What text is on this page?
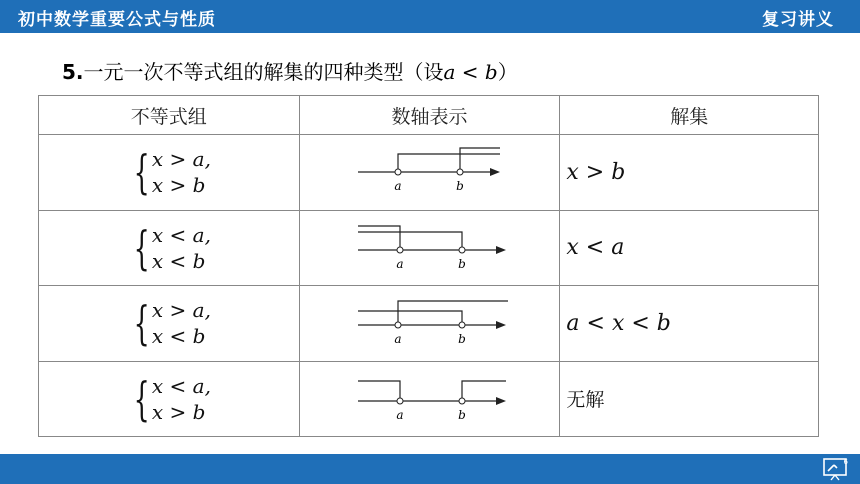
初中数学重要公式与性质	复习讲义
5.一元一次不等式组的解集的四种类型（设a < b）
不等式组	数轴表示	解集

{ x > a,
x > b	a b	x > b

{ x < a,
x < b	a b	x < a

{ x > a,
x < b	a b	a < x < b

{ x < a,
x > b	a b	无解
6
